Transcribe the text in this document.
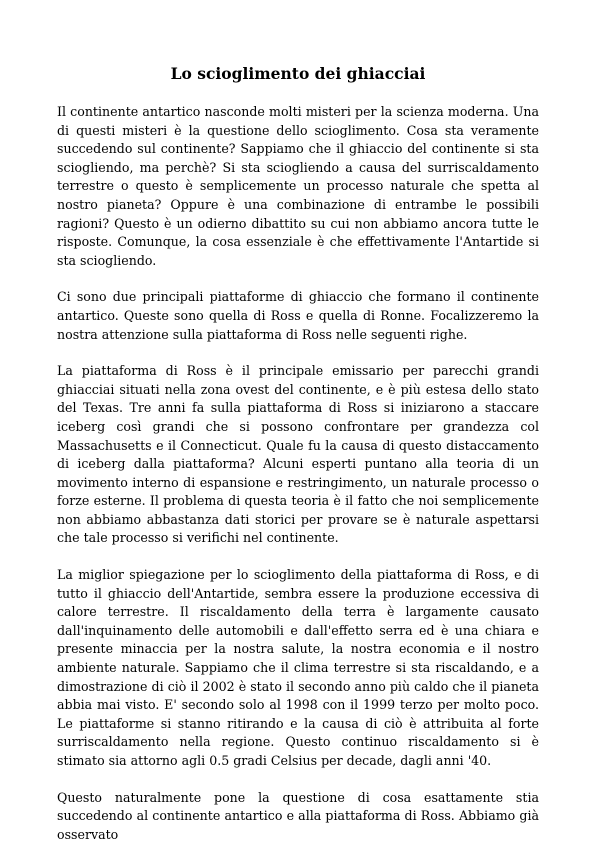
Lo scioglimento dei ghiacciai

Il continente antartico nasconde molti misteri per la scienza moderna. Una di questi misteri è la questione dello scioglimento. Cosa sta veramente succedendo sul continente? Sappiamo che il ghiaccio del continente si sta sciogliendo, ma perchè? Si sta sciogliendo a causa del surriscaldamento terrestre o questo è semplicemente un processo naturale che spetta al nostro pianeta? Oppure è una combinazione di entrambe le possibili ragioni? Questo è un odierno dibattito su cui non abbiamo ancora tutte le risposte. Comunque, la cosa essenziale è che effettivamente l'Antartide si sta sciogliendo.

Ci sono due principali piattaforme di ghiaccio che formano il continente antartico. Queste sono quella di Ross e quella di Ronne. Focalizzeremo la nostra attenzione sulla piattaforma di Ross nelle seguenti righe.

La piattaforma di Ross è il principale emissario per parecchi grandi ghiacciai situati nella zona ovest del continente, e è più estesa dello stato del Texas. Tre anni fa sulla piattaforma di Ross si iniziarono a staccare iceberg così grandi che si possono confrontare per grandezza col Massachusetts e il Connecticut. Quale fu la causa di questo distaccamento di iceberg dalla piattaforma? Alcuni esperti puntano alla teoria di un movimento interno di espansione e restringimento, un naturale processo o forze esterne. Il problema di questa teoria è il fatto che noi semplicemente non abbiamo abbastanza dati storici per provare se è naturale aspettarsi che tale processo si verifichi nel continente.

La miglior spiegazione per lo scioglimento della piattaforma di Ross, e di tutto il ghiaccio dell'Antartide, sembra essere la produzione eccessiva di calore terrestre. Il riscaldamento della terra è largamente causato dall'inquinamento delle automobili e dall'effetto serra ed è una chiara e presente minaccia per la nostra salute, la nostra economia e il nostro ambiente naturale. Sappiamo che il clima terrestre si sta riscaldando, e a dimostrazione di ciò il 2002 è stato il secondo anno più caldo che il pianeta abbia mai visto. E' secondo solo al 1998 con il 1999 terzo per molto poco. Le piattaforme si stanno ritirando e la causa di ciò è attribuita al forte surriscaldamento nella regione. Questo continuo riscaldamento si è stimato sia attorno agli 0.5 gradi Celsius per decade, dagli anni '40.

Questo naturalmente pone la questione di cosa esattamente stia succedendo al continente antartico e alla piattaforma di Ross. Abbiamo già osservato
